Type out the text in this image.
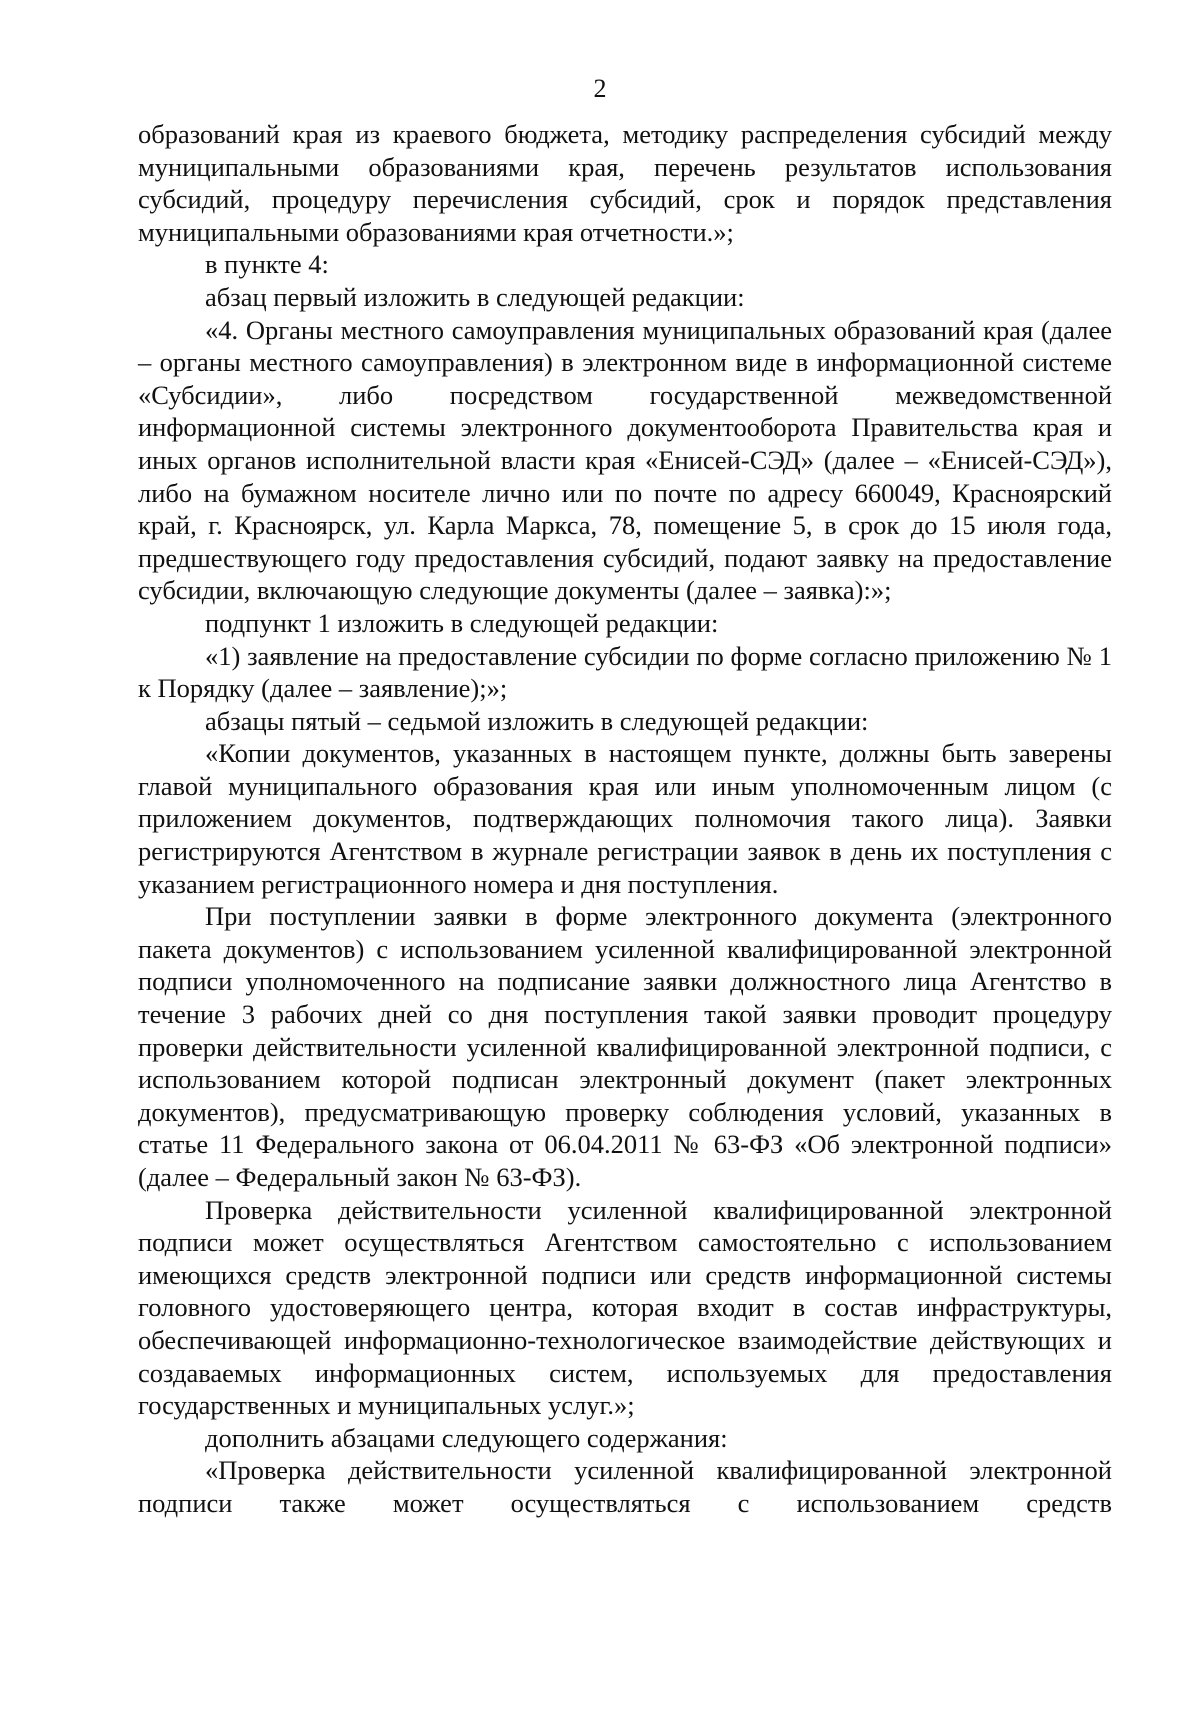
2

образований края из краевого бюджета, методику распределения субсидий между муниципальными образованиями края, перечень результатов использования субсидий, процедуру перечисления субсидий, срок и порядок представления муниципальными образованиями края отчетности.»;

в пункте 4:

абзац первый изложить в следующей редакции:

«4. Органы местного самоуправления муниципальных образований края (далее – органы местного самоуправления) в электронном виде в информационной системе «Субсидии», либо посредством государственной межведомственной информационной системы электронного документооборота Правительства края и иных органов исполнительной власти края «Енисей-СЭД» (далее – «Енисей-СЭД»), либо на бумажном носителе лично или по почте по адресу 660049, Красноярский край, г. Красноярск, ул. Карла Маркса, 78, помещение 5, в срок до 15 июля года, предшествующего году предоставления субсидий, подают заявку на предоставление субсидии, включающую следующие документы (далее – заявка):»;

подпункт 1 изложить в следующей редакции:

«1) заявление на предоставление субсидии по форме согласно приложению № 1 к Порядку (далее – заявление);»;

абзацы пятый – седьмой изложить в следующей редакции:

«Копии документов, указанных в настоящем пункте, должны быть заверены главой муниципального образования края или иным уполномоченным лицом (с приложением документов, подтверждающих полномочия такого лица). Заявки регистрируются Агентством в журнале регистрации заявок в день их поступления с указанием регистрационного номера и дня поступления.

При поступлении заявки в форме электронного документа (электронного пакета документов) с использованием усиленной квалифицированной электронной подписи уполномоченного на подписание заявки должностного лица Агентство в течение 3 рабочих дней со дня поступления такой заявки проводит процедуру проверки действительности усиленной квалифицированной электронной подписи, с использованием которой подписан электронный документ (пакет электронных документов), предусматривающую проверку соблюдения условий, указанных в статье 11 Федерального закона от 06.04.2011 № 63-ФЗ «Об электронной подписи» (далее – Федеральный закон № 63-ФЗ).

Проверка действительности усиленной квалифицированной электронной подписи может осуществляться Агентством самостоятельно с использованием имеющихся средств электронной подписи или средств информационной системы головного удостоверяющего центра, которая входит в состав инфраструктуры, обеспечивающей информационно-технологическое взаимодействие действующих и создаваемых информационных систем, используемых для предоставления государственных и муниципальных услуг.»;

дополнить абзацами следующего содержания:

«Проверка действительности усиленной квалифицированной электронной подписи также может осуществляться с использованием средств
